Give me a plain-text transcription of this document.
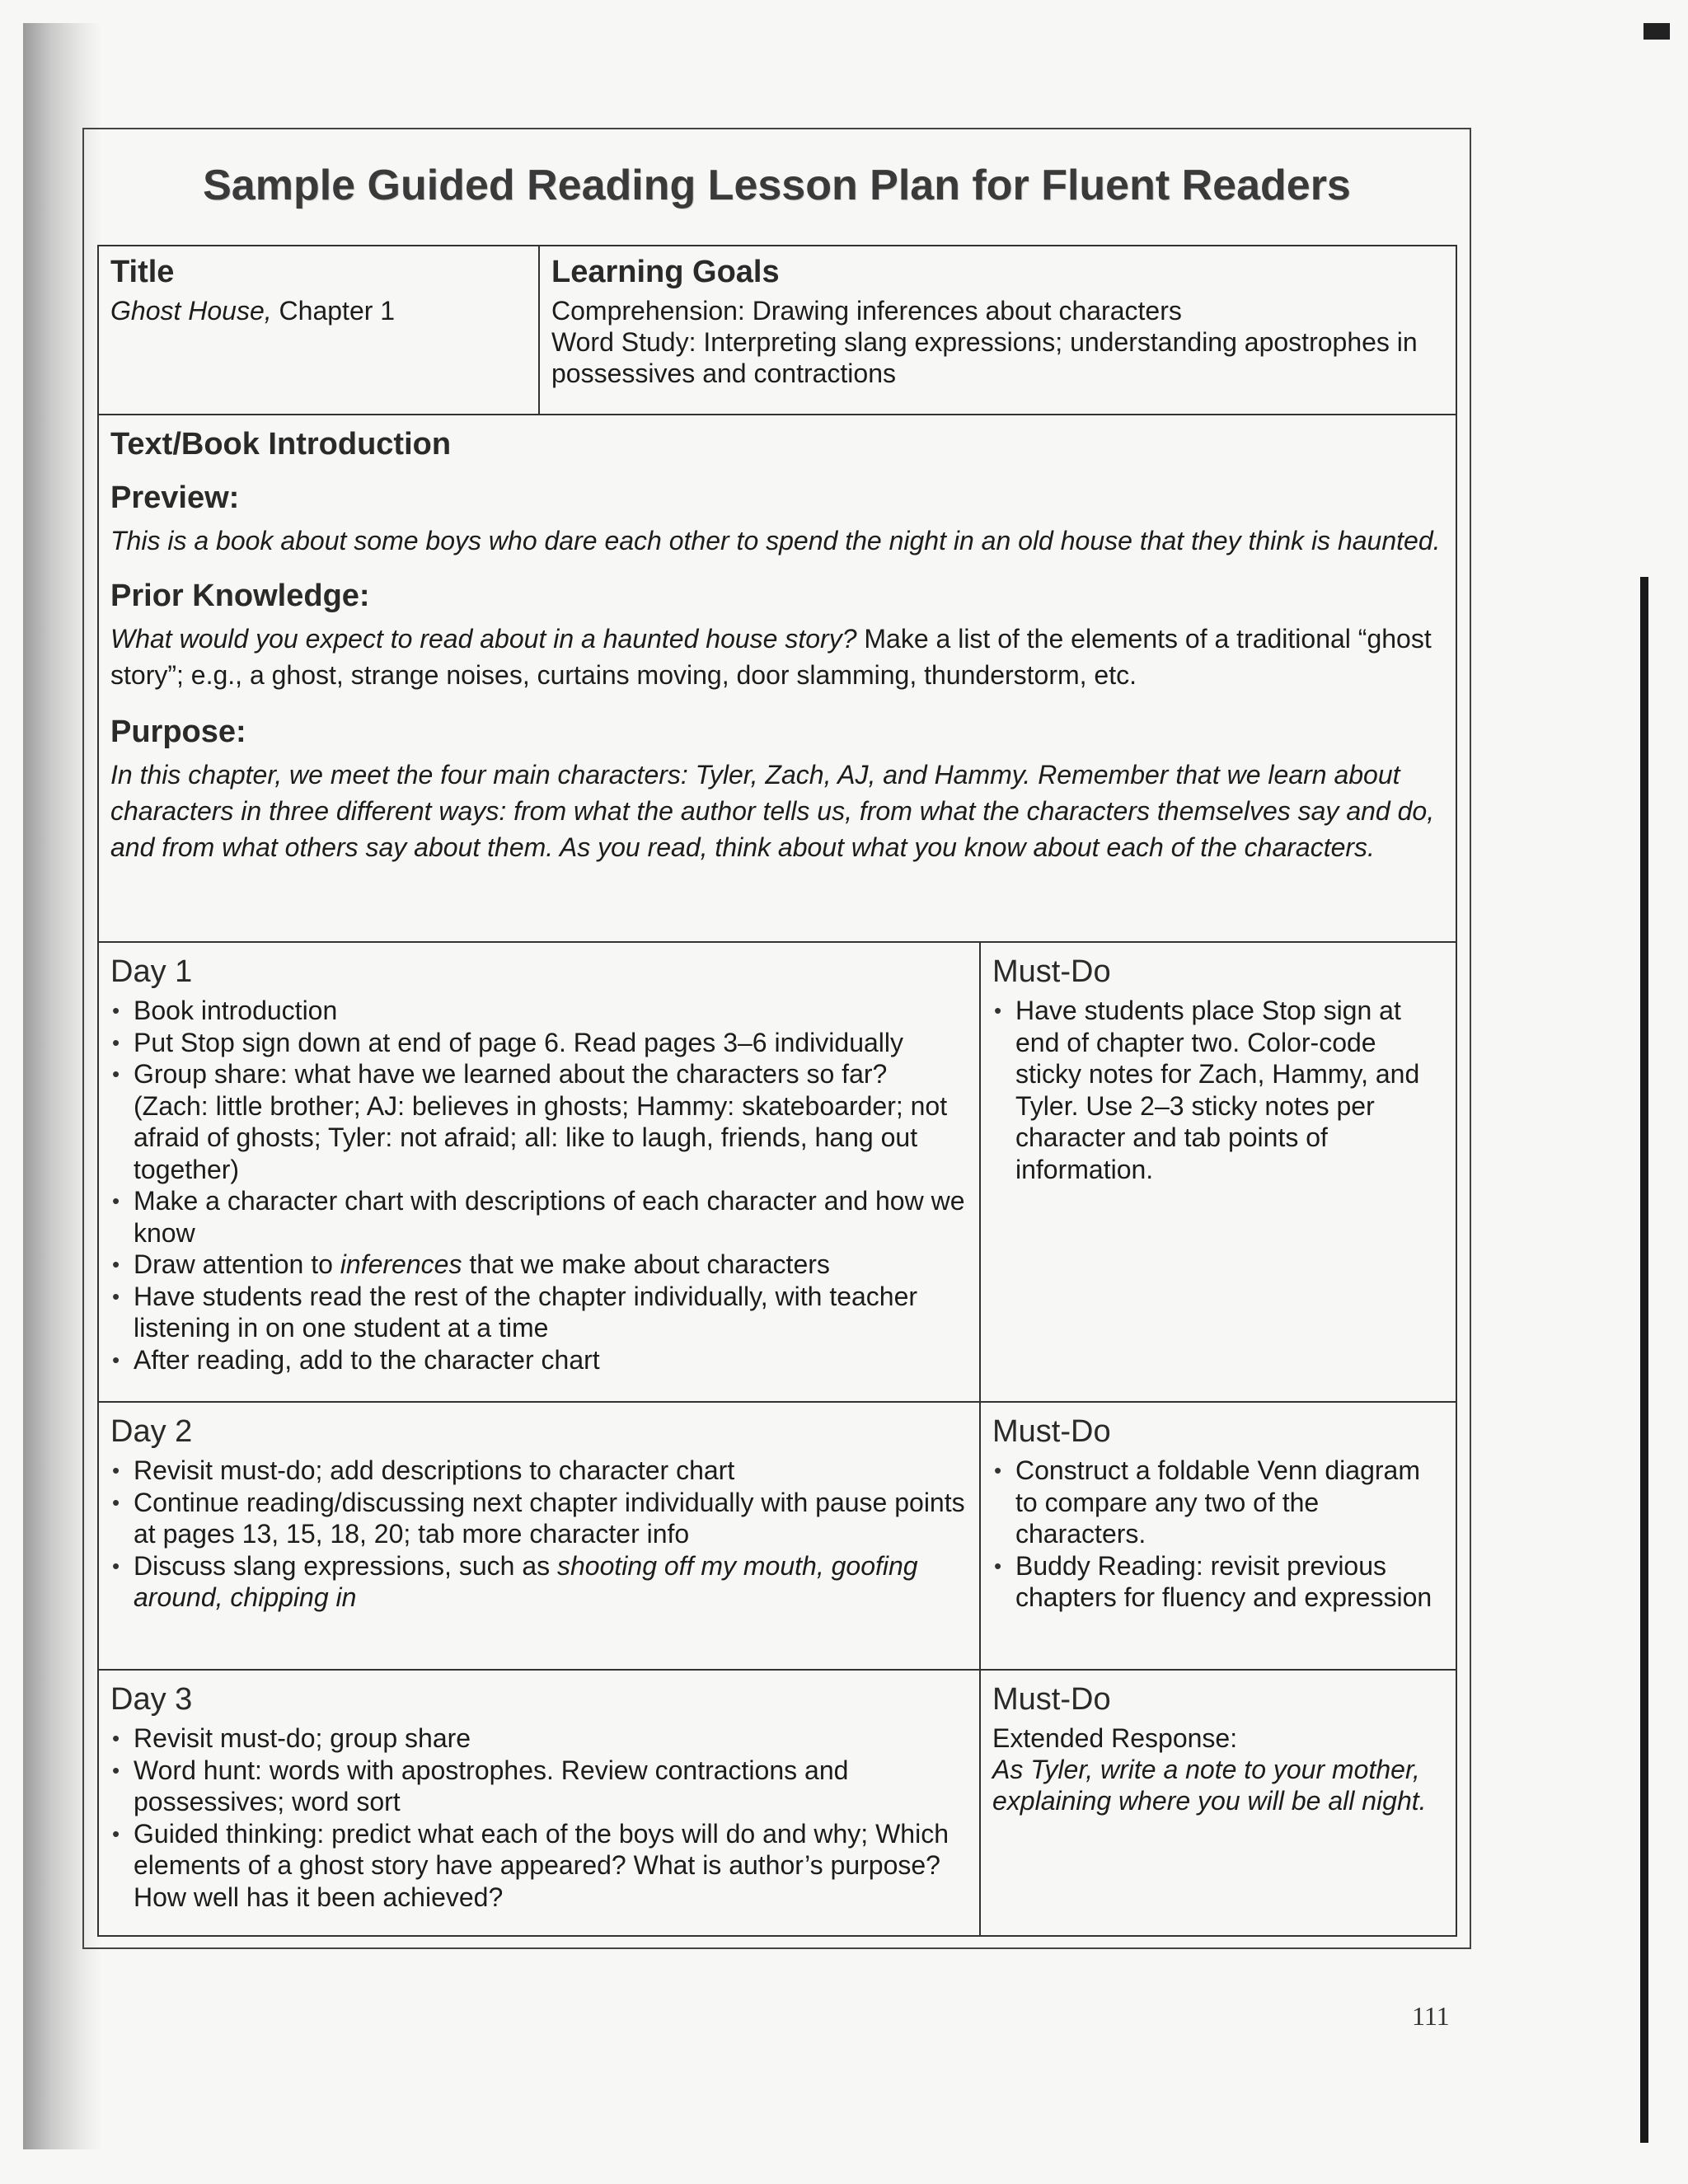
Sample Guided Reading Lesson Plan for Fluent Readers
Title
Ghost House, Chapter 1
Learning Goals
Comprehension: Drawing inferences about characters
Word Study: Interpreting slang expressions; understanding apostrophes in possessives and contractions
Text/Book Introduction
Preview:
This is a book about some boys who dare each other to spend the night in an old house that they think is haunted.
Prior Knowledge:
What would you expect to read about in a haunted house story? Make a list of the elements of a traditional “ghost story”; e.g., a ghost, strange noises, curtains moving, door slamming, thunderstorm, etc.
Purpose:
In this chapter, we meet the four main characters: Tyler, Zach, AJ, and Hammy. Remember that we learn about characters in three different ways: from what the author tells us, from what the characters themselves say and do, and from what others say about them. As you read, think about what you know about each of the characters.
Day 1
• Book introduction
• Put Stop sign down at end of page 6. Read pages 3–6 individually
• Group share: what have we learned about the characters so far? (Zach: little brother; AJ: believes in ghosts; Hammy: skateboarder; not afraid of ghosts; Tyler: not afraid; all: like to laugh, friends, hang out together)
• Make a character chart with descriptions of each character and how we know
• Draw attention to inferences that we make about characters
• Have students read the rest of the chapter individually, with teacher listening in on one student at a time
• After reading, add to the character chart
Must-Do
• Have students place Stop sign at end of chapter two. Color-code sticky notes for Zach, Hammy, and Tyler. Use 2–3 sticky notes per character and tab points of information.
Day 2
• Revisit must-do; add descriptions to character chart
• Continue reading/discussing next chapter individually with pause points at pages 13, 15, 18, 20; tab more character info
• Discuss slang expressions, such as shooting off my mouth, goofing around, chipping in
Must-Do
• Construct a foldable Venn diagram to compare any two of the characters.
• Buddy Reading: revisit previous chapters for fluency and expression
Day 3
• Revisit must-do; group share
• Word hunt: words with apostrophes. Review contractions and possessives; word sort
• Guided thinking: predict what each of the boys will do and why; Which elements of a ghost story have appeared? What is author’s purpose? How well has it been achieved?
Must-Do
Extended Response:
As Tyler, write a note to your mother, explaining where you will be all night.
111
